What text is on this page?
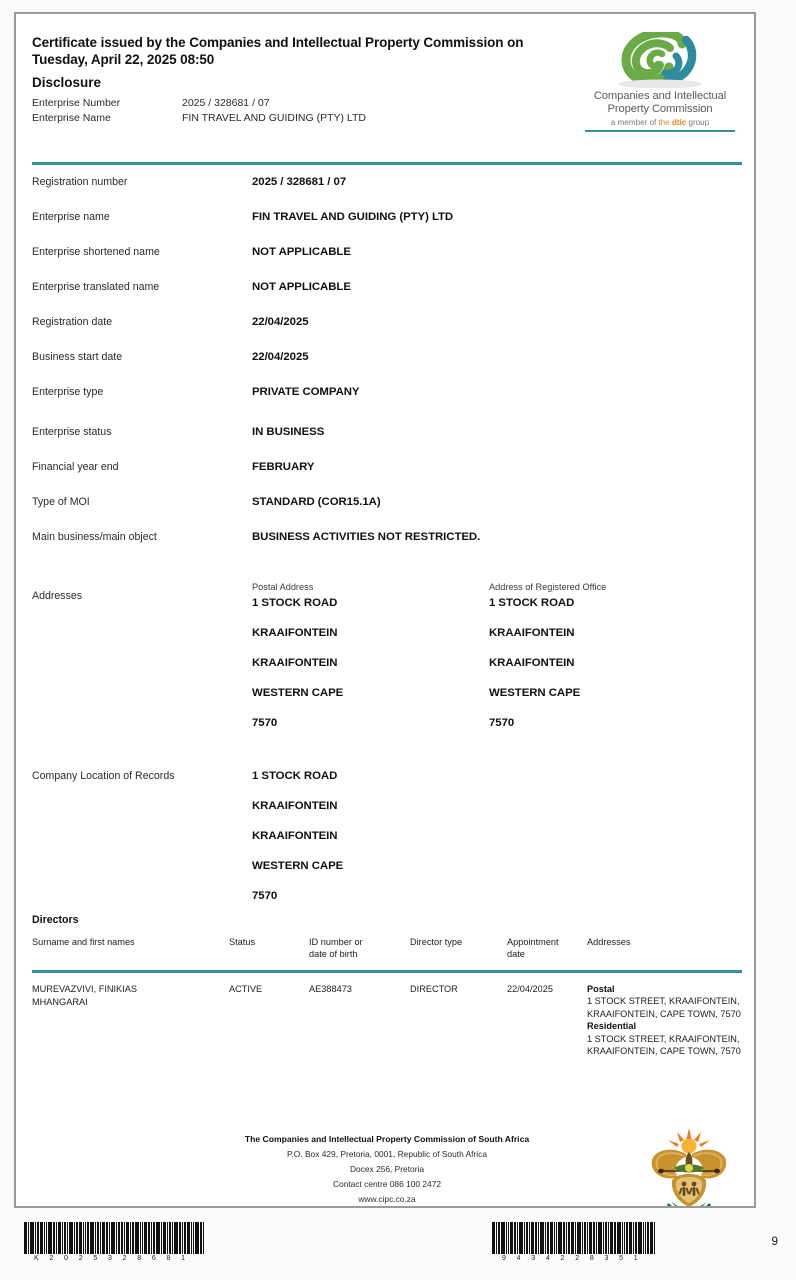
Certificate issued by the Companies and Intellectual Property Commission on
Tuesday, April 22, 2025 08:50
Disclosure
Enterprise Number	2025 / 328681 / 07
Enterprise Name	FIN TRAVEL AND GUIDING (PTY) LTD
Companies and Intellectual
Property Commission
a member of the dtic group
Registration number	2025 / 328681 / 07
Enterprise name	FIN TRAVEL AND GUIDING (PTY) LTD
Enterprise shortened name	NOT APPLICABLE
Enterprise translated name	NOT APPLICABLE
Registration date	22/04/2025
Business start date	22/04/2025
Enterprise type	PRIVATE COMPANY
Enterprise status	IN BUSINESS
Financial year end	FEBRUARY
Type of MOI	STANDARD (COR15.1A)
Main business/main object	BUSINESS ACTIVITIES NOT RESTRICTED.
Addresses
Postal Address
1 STOCK ROAD
KRAAIFONTEIN
KRAAIFONTEIN
WESTERN CAPE
7570
Address of Registered Office
1 STOCK ROAD
KRAAIFONTEIN
KRAAIFONTEIN
WESTERN CAPE
7570
Company Location of Records	1 STOCK ROAD
KRAAIFONTEIN
KRAAIFONTEIN
WESTERN CAPE
7570
Directors
Surname and first names	Status	ID number or
date of birth
Director type	Appointment
date
Addresses
MUREVAZVIVI, FINIKIAS
MHANGARAI
ACTIVE	AE388473	DIRECTOR	22/04/2025	Postal
1 STOCK STREET, KRAAIFONTEIN,
KRAAIFONTEIN, CAPE TOWN, 7570
Residential
1 STOCK STREET, KRAAIFONTEIN,
KRAAIFONTEIN, CAPE TOWN, 7570
The Companies and Intellectual Property Commission of South Africa
P.O. Box 429, Pretoria, 0001, Republic of South Africa
Docex 256, Pretoria
Contact centre 086 100 2472
www.cipc.co.za
K 2 0 2 5 3 2 8 6 8 1	9 4 3 4 2 2 8 3 5 1
9
